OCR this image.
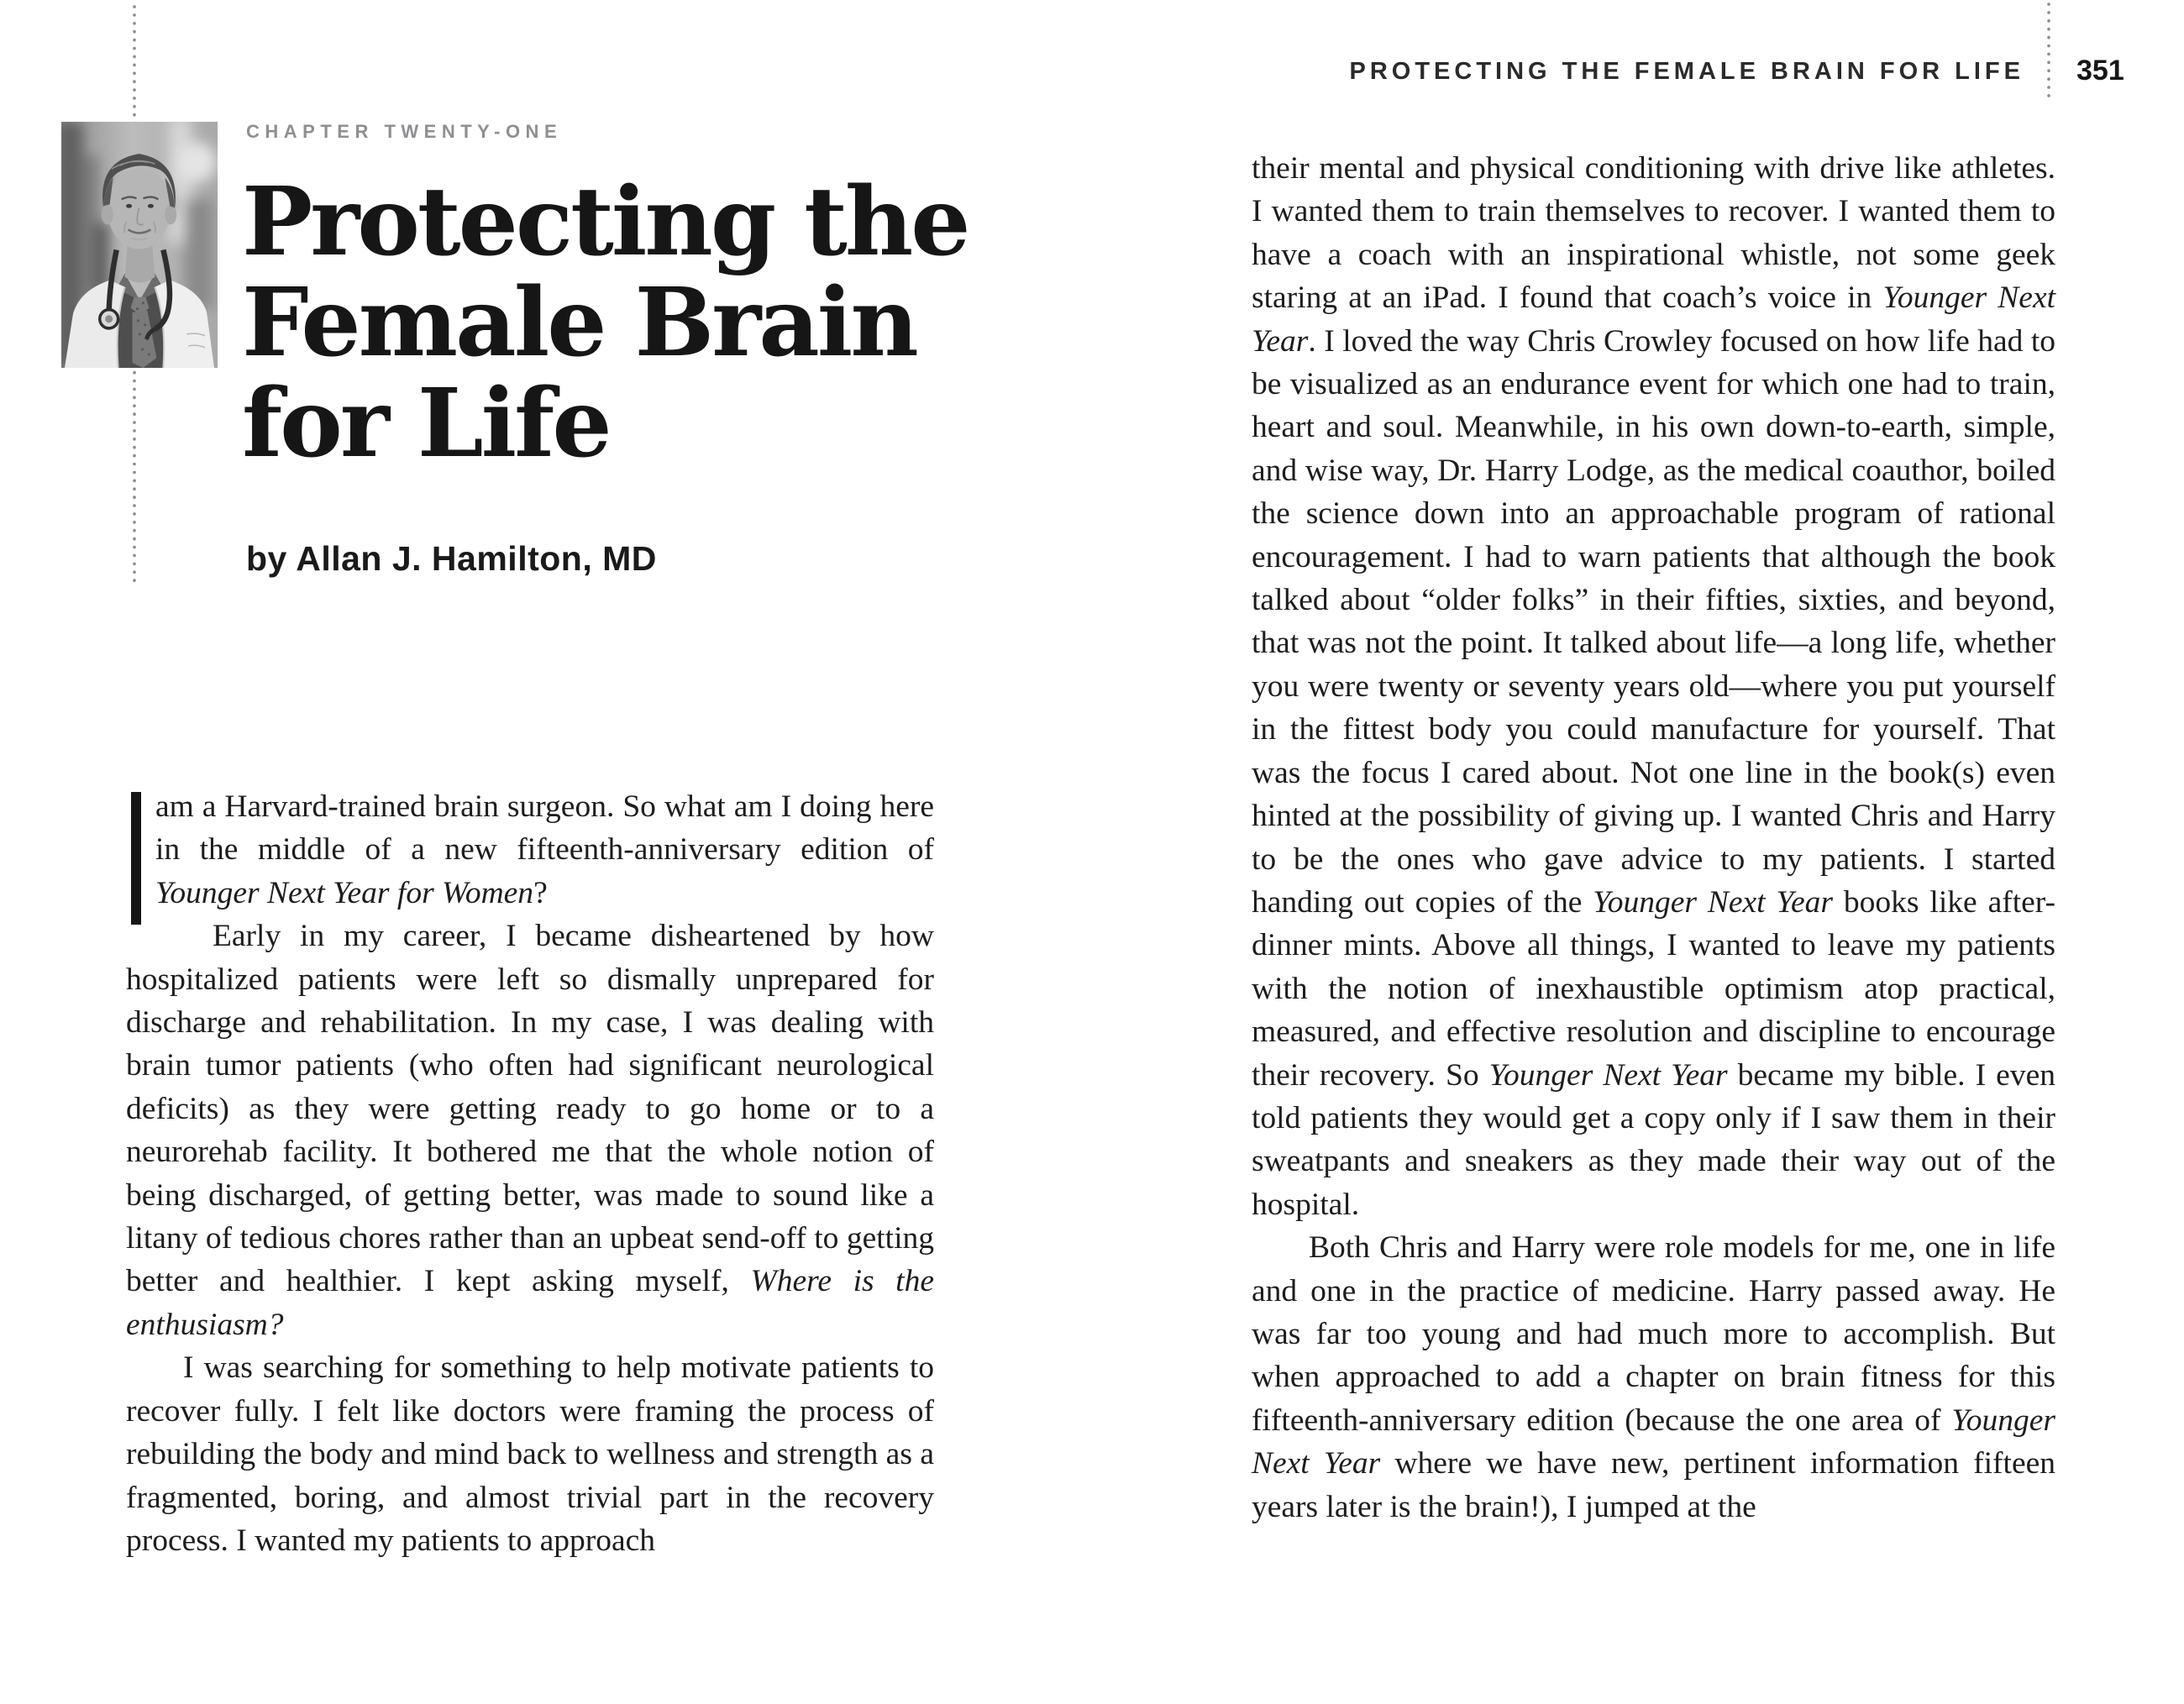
CHAPTER TWENTY-ONE
Protecting the
Female Brain
for Life
by Allan J. Hamilton, MD

am a Harvard-trained brain surgeon. So what am I doing here in the middle of a new fifteenth-anniversary edition of Younger Next Year for Women?

Early in my career, I became disheartened by how hospitalized patients were left so dismally unprepared for discharge and rehabilitation. In my case, I was dealing with brain tumor patients (who often had significant neurological deficits) as they were getting ready to go home or to a neurorehab facility. It bothered me that the whole notion of being discharged, of getting better, was made to sound like a litany of tedious chores rather than an upbeat send-off to getting better and healthier. I kept asking myself, Where is the enthusiasm?

I was searching for something to help motivate patients to recover fully. I felt like doctors were framing the process of rebuilding the body and mind back to wellness and strength as a fragmented, boring, and almost trivial part in the recovery process. I wanted my patients to approach

PROTECTING THE FEMALE BRAIN FOR LIFE 351

their mental and physical conditioning with drive like athletes. I wanted them to train themselves to recover. I wanted them to have a coach with an inspirational whistle, not some geek staring at an iPad. I found that coach’s voice in Younger Next Year. I loved the way Chris Crowley focused on how life had to be visualized as an endurance event for which one had to train, heart and soul. Meanwhile, in his own down-to-earth, simple, and wise way, Dr. Harry Lodge, as the medical coauthor, boiled the science down into an approachable program of rational encouragement. I had to warn patients that although the book talked about “older folks” in their fifties, sixties, and beyond, that was not the point. It talked about life—a long life, whether you were twenty or seventy years old—where you put yourself in the fittest body you could manufacture for yourself. That was the focus I cared about. Not one line in the book(s) even hinted at the possibility of giving up. I wanted Chris and Harry to be the ones who gave advice to my patients. I started handing out copies of the Younger Next Year books like after-dinner mints. Above all things, I wanted to leave my patients with the notion of inexhaustible optimism atop practical, measured, and effective resolution and discipline to encourage their recovery. So Younger Next Year became my bible. I even told patients they would get a copy only if I saw them in their sweatpants and sneakers as they made their way out of the hospital.

Both Chris and Harry were role models for me, one in life and one in the practice of medicine. Harry passed away. He was far too young and had much more to accomplish. But when approached to add a chapter on brain fitness for this fifteenth-anniversary edition (because the one area of Younger Next Year where we have new, pertinent information fifteen years later is the brain!), I jumped at the
